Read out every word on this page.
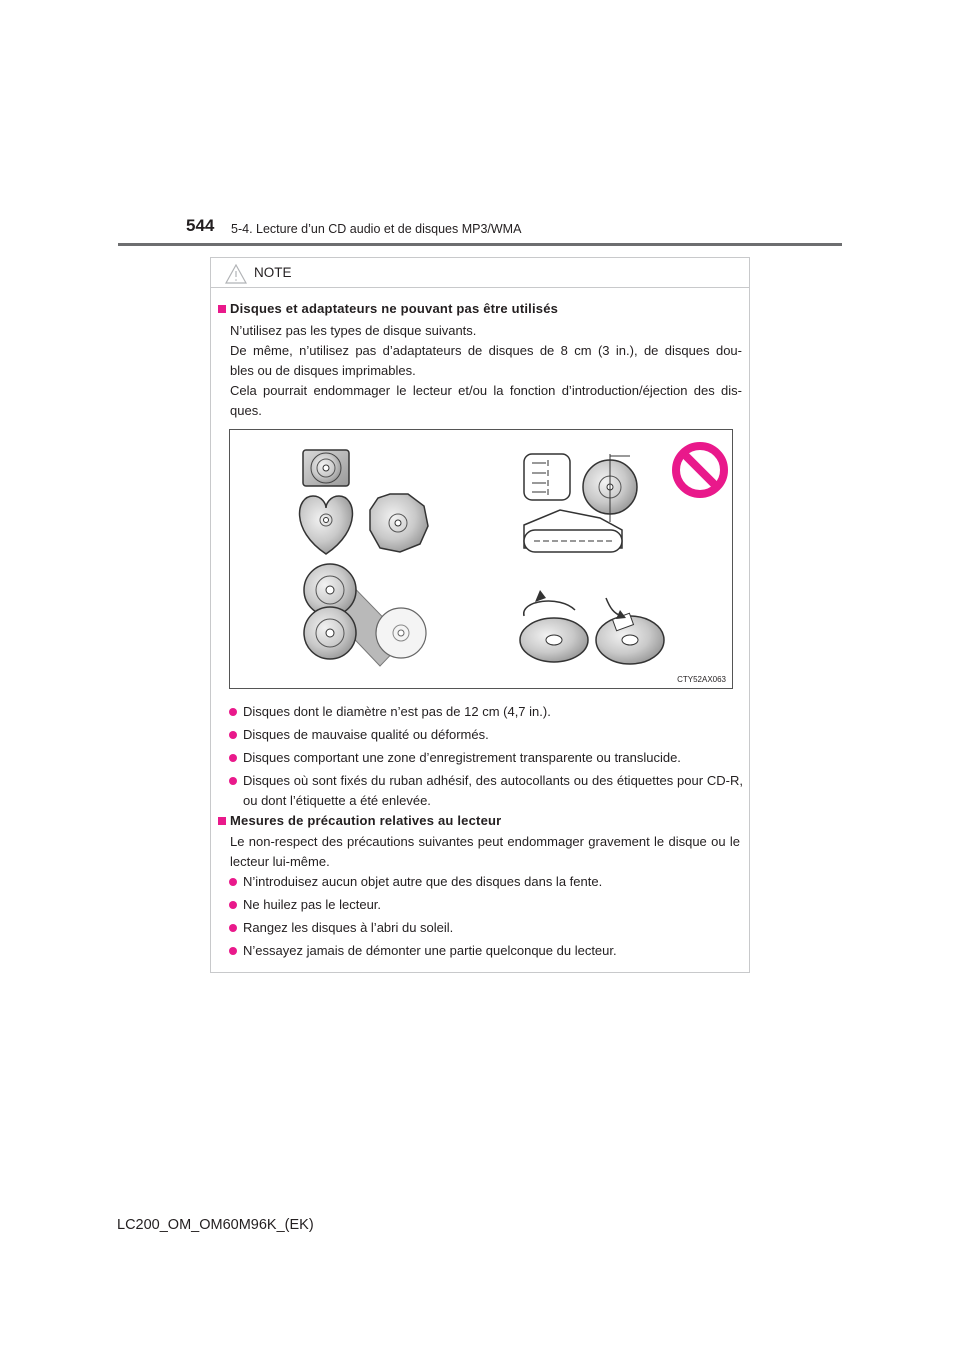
544 5-4. Lecture d’un CD audio et de disques MP3/WMA
NOTE
Disques et adaptateurs ne pouvant pas être utilisés
N’utilisez pas les types de disque suivants.
De même, n’utilisez pas d’adaptateurs de disques de 8 cm (3 in.), de disques dou-
bles ou de disques imprimables.
Cela pourrait endommager le lecteur et/ou la fonction d’introduction/éjection des dis-
ques.
CTY52AX063
Disques dont le diamètre n’est pas de 12 cm (4,7 in.).
Disques de mauvaise qualité ou déformés.
Disques comportant une zone d’enregistrement transparente ou translucide.
Disques où sont fixés du ruban adhésif, des autocollants ou des étiquettes pour CD-R, ou dont l’étiquette a été enlevée.
Mesures de précaution relatives au lecteur
Le non-respect des précautions suivantes peut endommager gravement le disque ou le lecteur lui-même.
N’introduisez aucun objet autre que des disques dans la fente.
Ne huilez pas le lecteur.
Rangez les disques à l’abri du soleil.
N’essayez jamais de démonter une partie quelconque du lecteur.
LC200_OM_OM60M96K_(EK)
